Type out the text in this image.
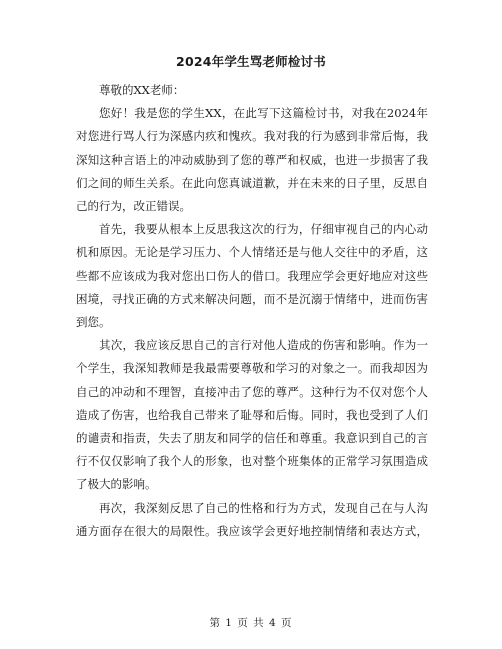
2024年学生骂老师检讨书

尊敬的XX老师：

您好！我是您的学生XX，在此写下这篇检讨书，对我在2024年

对您进行骂人行为深感内疚和愧疚。我对我的行为感到非常后悔，我

深知这种言语上的冲动威胁到了您的尊严和权威，也进一步损害了我

们之间的师生关系。在此向您真诚道歉，并在未来的日子里，反思自

己的行为，改正错误。

首先，我要从根本上反思我这次的行为，仔细审视自己的内心动

机和原因。无论是学习压力、个人情绪还是与他人交往中的矛盾，这

些都不应该成为我对您出口伤人的借口。我理应学会更好地应对这些

困境，寻找正确的方式来解决问题，而不是沉溺于情绪中，进而伤害

到您。

其次，我应该反思自己的言行对他人造成的伤害和影响。作为一

个学生，我深知教师是我最需要尊敬和学习的对象之一。而我却因为

自己的冲动和不理智，直接冲击了您的尊严。这种行为不仅对您个人

造成了伤害，也给我自己带来了耻辱和后悔。同时，我也受到了人们

的谴责和指责，失去了朋友和同学的信任和尊重。我意识到自己的言

行不仅仅影响了我个人的形象，也对整个班集体的正常学习氛围造成

了极大的影响。

再次，我深刻反思了自己的性格和行为方式，发现自己在与人沟

通方面存在很大的局限性。我应该学会更好地控制情绪和表达方式，

第 1 页 共 4 页
